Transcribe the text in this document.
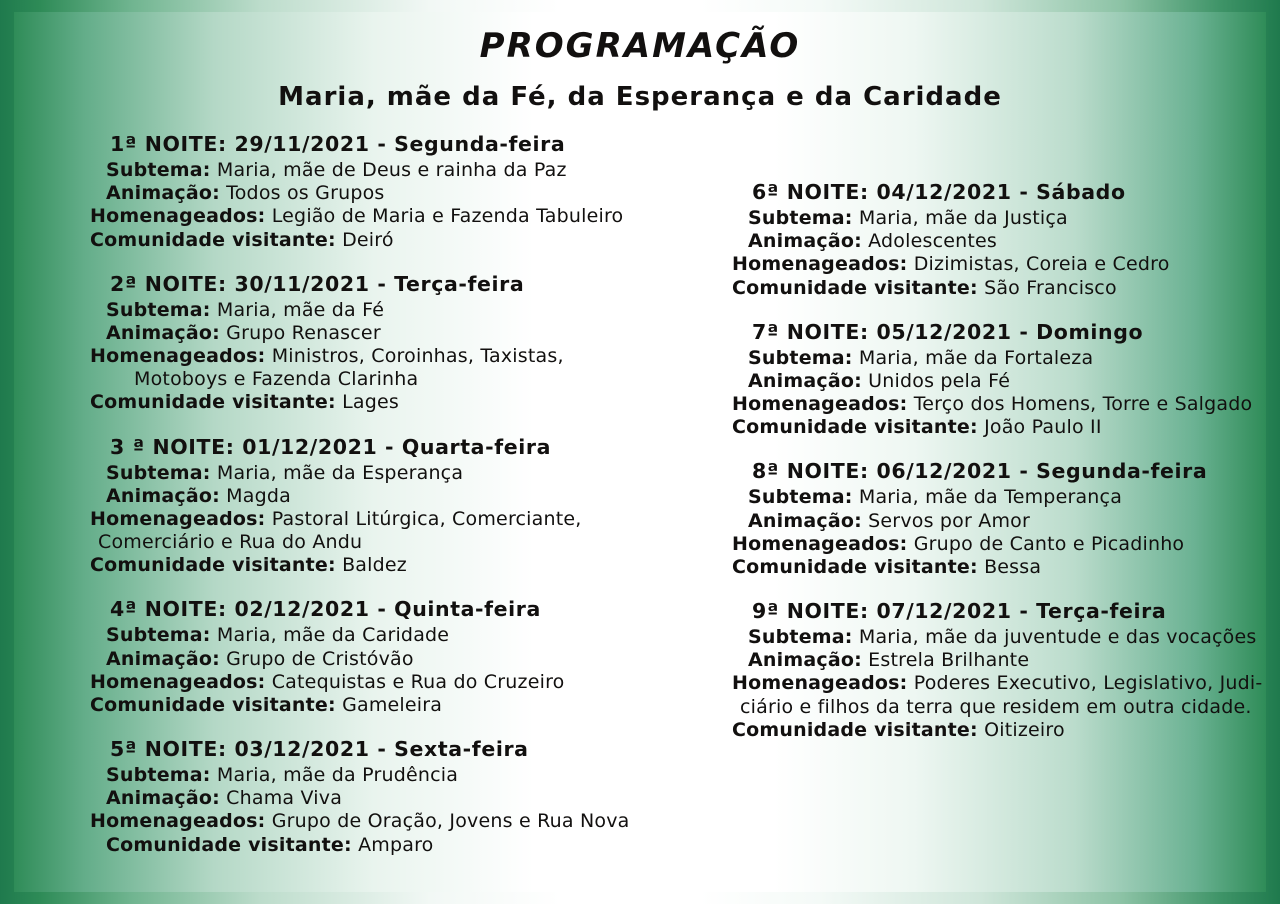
PROGRAMAÇÃO
Maria, mãe da Fé, da Esperança e da Caridade
1ª NOITE: 29/11/2021 - Segunda-feira
Subtema: Maria, mãe de Deus e rainha da Paz
Animação: Todos os Grupos
Homenageados: Legião de Maria e Fazenda Tabuleiro
Comunidade visitante: Deiró
2ª NOITE: 30/11/2021 - Terça-feira
Subtema: Maria, mãe da Fé
Animação: Grupo Renascer
Homenageados: Ministros, Coroinhas, Taxistas,
Motoboys e Fazenda Clarinha
Comunidade visitante: Lages
3 ª NOITE: 01/12/2021 - Quarta-feira
Subtema: Maria, mãe da Esperança
Animação: Magda
Homenageados: Pastoral Litúrgica, Comerciante,
Comerciário e Rua do Andu
Comunidade visitante: Baldez
4ª NOITE: 02/12/2021 - Quinta-feira
Subtema: Maria, mãe da Caridade
Animação: Grupo de Cristóvão
Homenageados: Catequistas e Rua do Cruzeiro
Comunidade visitante: Gameleira
5ª NOITE: 03/12/2021 - Sexta-feira
Subtema: Maria, mãe da Prudência
Animação: Chama Viva
Homenageados: Grupo de Oração, Jovens e Rua Nova
Comunidade visitante: Amparo
6ª NOITE: 04/12/2021 - Sábado
Subtema: Maria, mãe da Justiça
Animação: Adolescentes
Homenageados: Dizimistas, Coreia e Cedro
Comunidade visitante: São Francisco
7ª NOITE: 05/12/2021 - Domingo
Subtema: Maria, mãe da Fortaleza
Animação: Unidos pela Fé
Homenageados: Terço dos Homens, Torre e Salgado
Comunidade visitante: João Paulo II
8ª NOITE: 06/12/2021 - Segunda-feira
Subtema: Maria, mãe da Temperança
Animação: Servos por Amor
Homenageados: Grupo de Canto e Picadinho
Comunidade visitante: Bessa
9ª NOITE: 07/12/2021 - Terça-feira
Subtema: Maria, mãe da juventude e das vocações
Animação: Estrela Brilhante
Homenageados: Poderes Executivo, Legislativo, Judi-
ciário e filhos da terra que residem em outra cidade.
Comunidade visitante: Oitizeiro
